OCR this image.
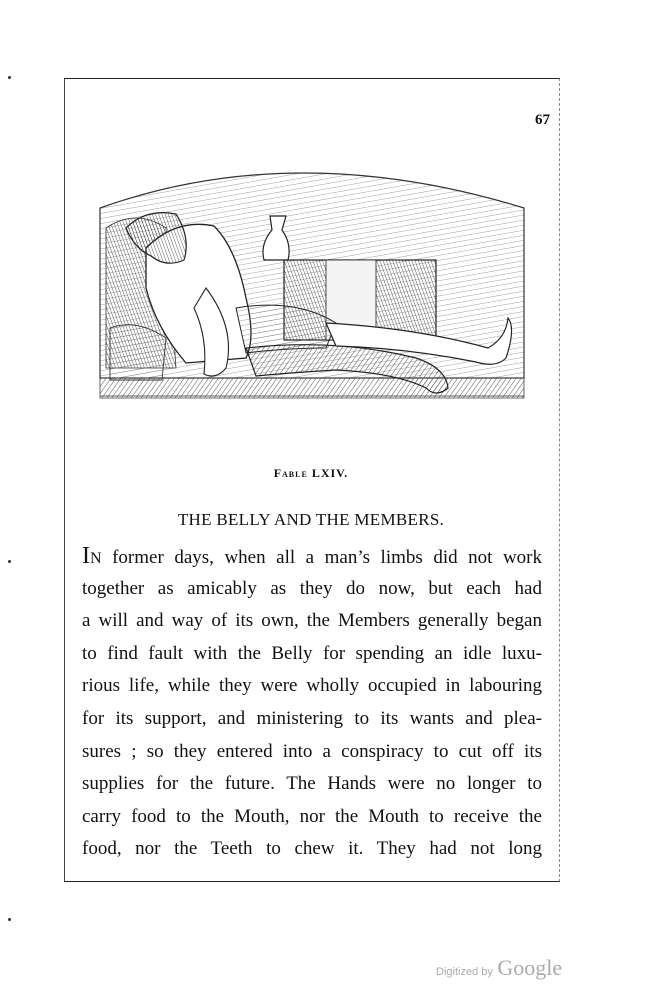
67
Fable LXIV.
THE BELLY AND THE MEMBERS.
IN former days, when all a man’s limbs did not work
together as amicably as they do now, but each had
a will and way of its own, the Members generally began
to find fault with the Belly for spending an idle luxu-
rious life, while they were wholly occupied in labouring
for its support, and ministering to its wants and plea-
sures ; so they entered into a conspiracy to cut off its
supplies for the future. The Hands were no longer to
carry food to the Mouth, nor the Mouth to receive the
food, nor the Teeth to chew it. They had not long
Digitized by Google
